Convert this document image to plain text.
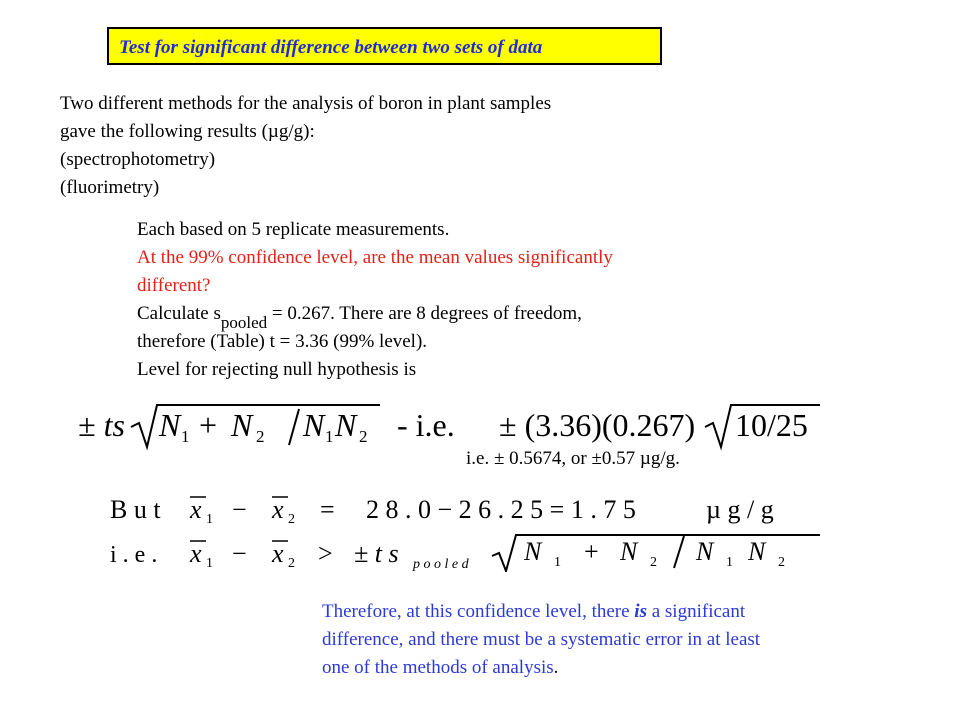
Test for significant difference between two sets of data
Two different methods for the analysis of boron in plant samples
gave the following results (µg/g):
(spectrophotometry)
(fluorimetry)
Each based on 5 replicate measurements.
At the 99% confidence level, are the mean values significantly
different?
Calculate spooled = 0.267. There are 8 degrees of freedom,
therefore (Table) t = 3.36 (99% level).
Level for rejecting null hypothesis is
± ts N 1 + N 2 N 1 N 2 - i.e. ± (3.36)(0.267) 10/25
i.e. ± 0.5674, or ±0.57 µg/g.
B u t x 1 − x 2 = 2 8 . 0 − 2 6 . 2 5 = 1 . 7 5	µ g / g
i . e . x 1 − x 2 > ± t s p o o l e d N 1 + N 2 N 1 N 2
Therefore, at this confidence level, there is a significant
difference, and there must be a systematic error in at least
one of the methods of analysis.
